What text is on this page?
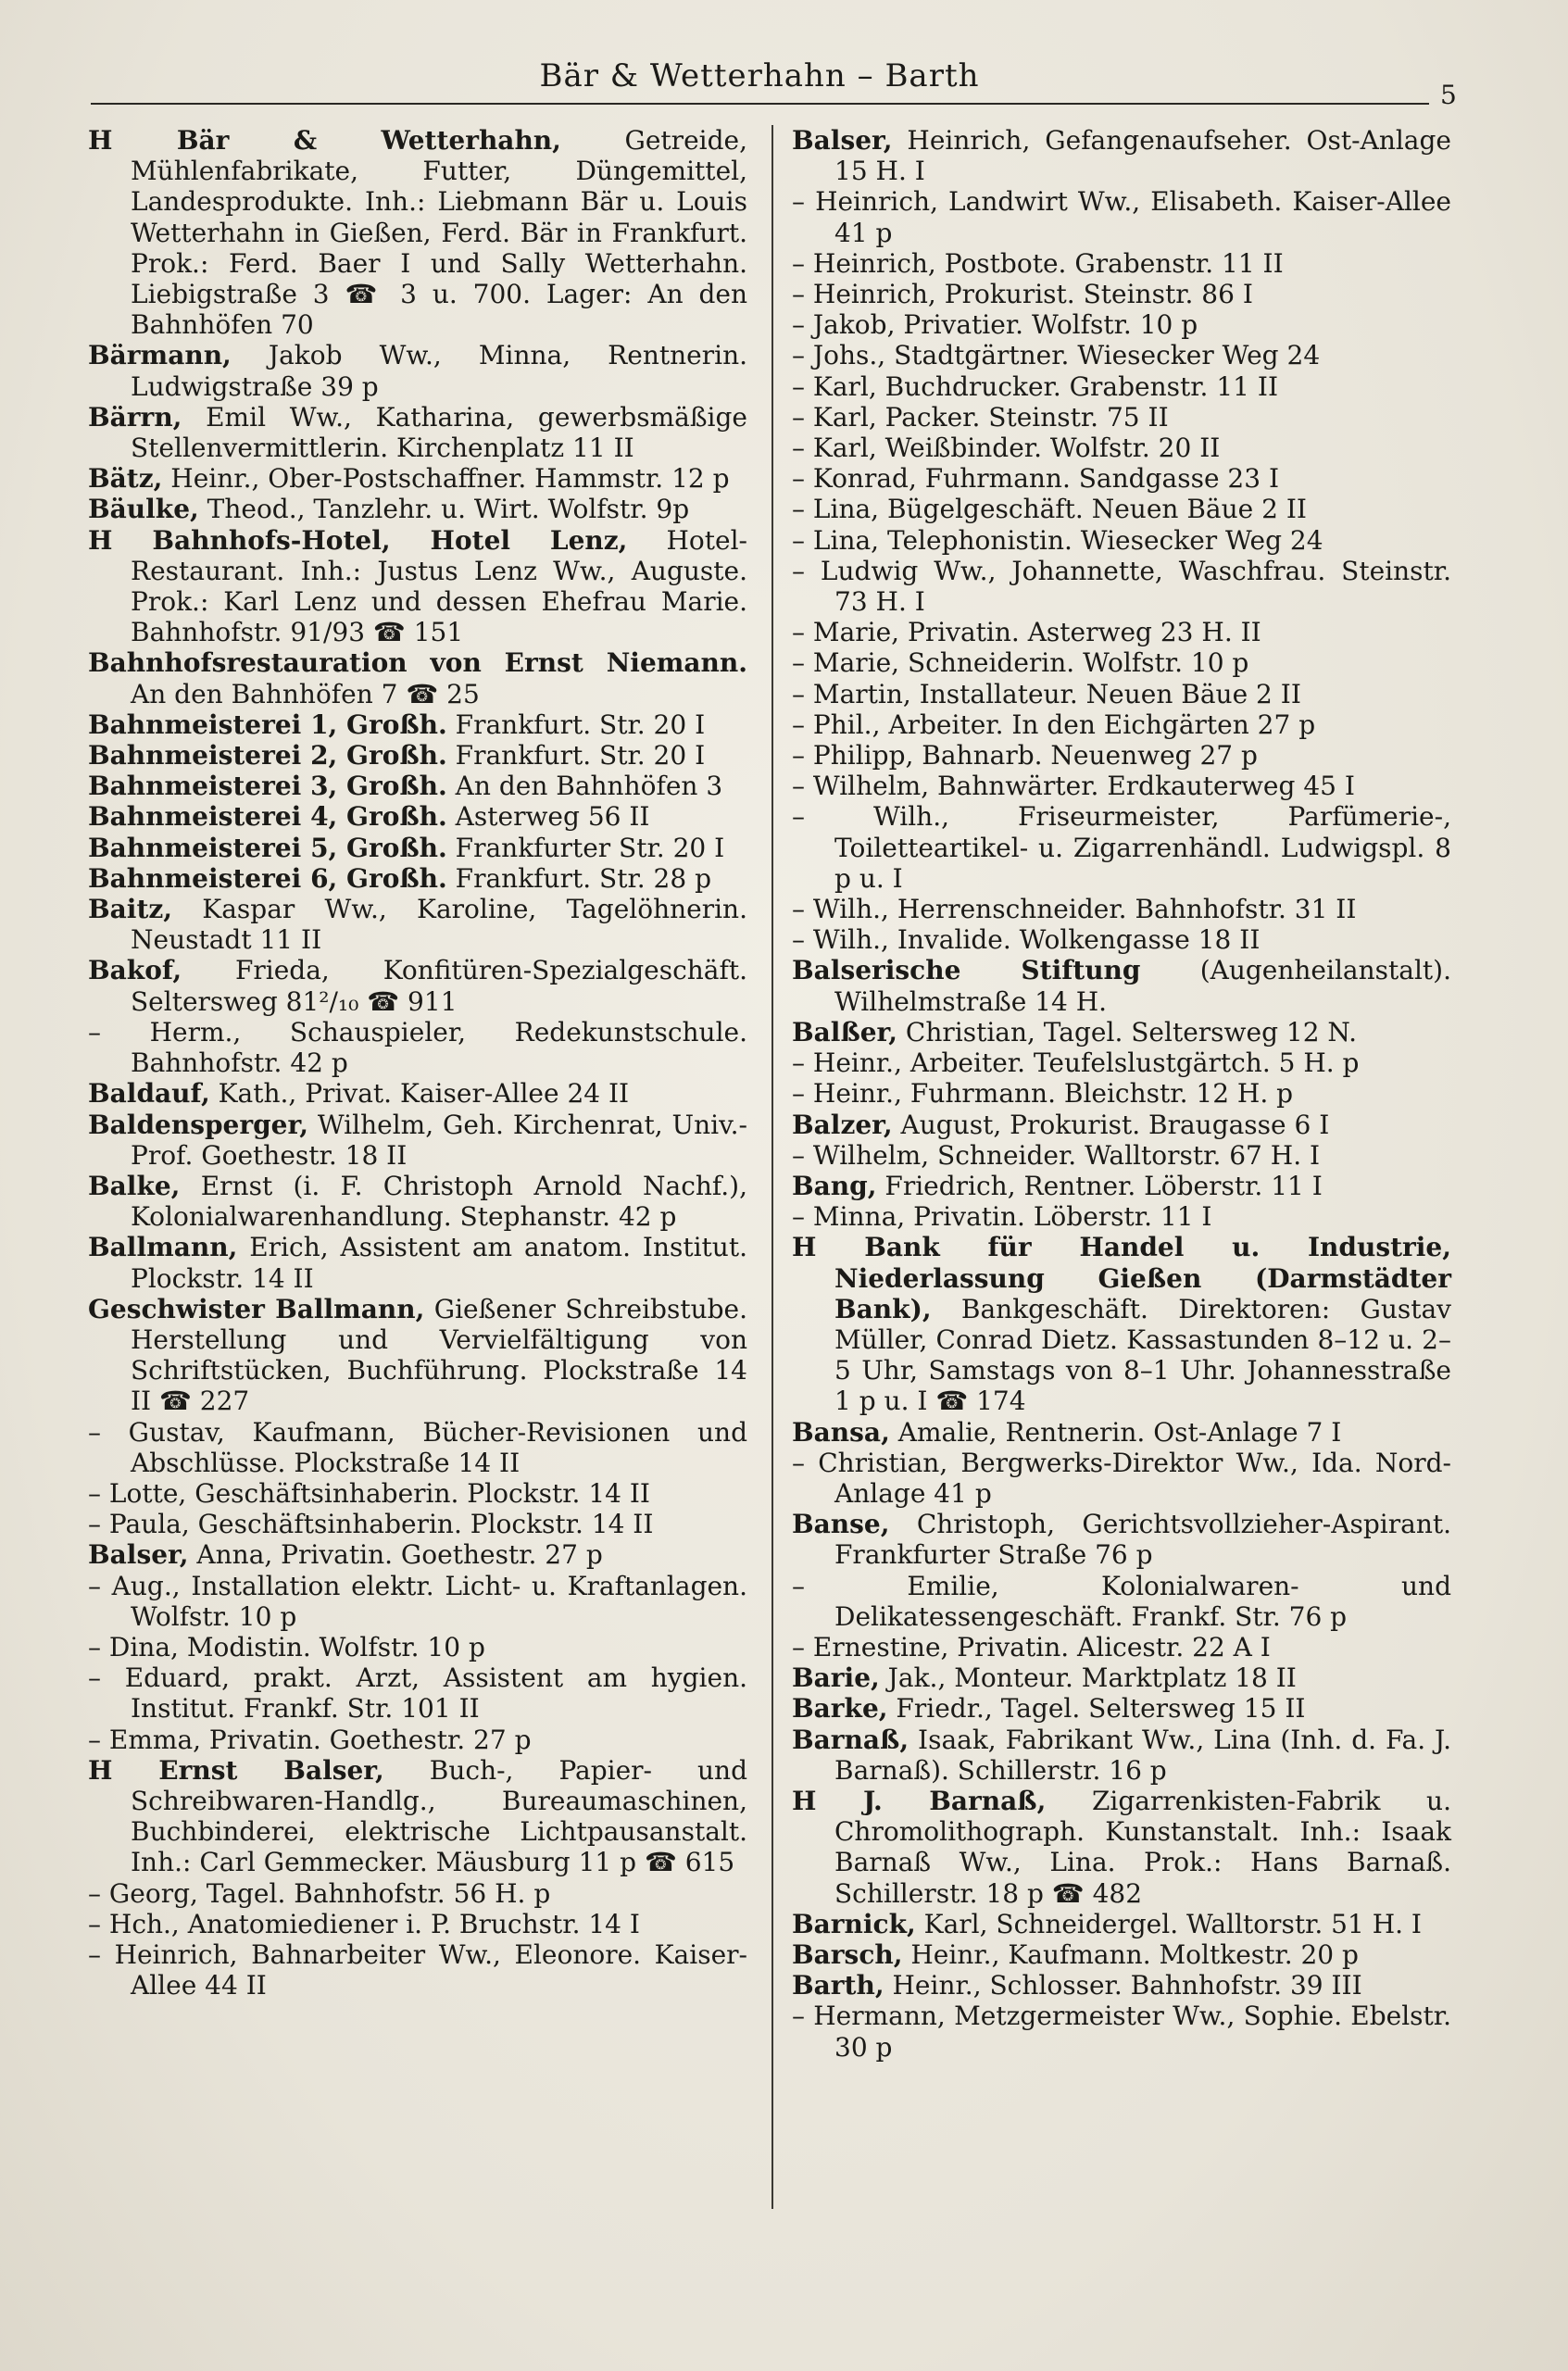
Bär & Wetterhahn – Barth
5

H Bär & Wetterhahn, Getreide, Mühlenfabrikate, Futter, Düngemittel, Landesprodukte. Inh.: Liebmann Bär u. Louis Wetterhahn in Gießen, Ferd. Bär in Frankfurt. Prok.: Ferd. Baer I und Sally Wetterhahn. Liebigstraße 3 ☎ 3 u. 700. Lager: An den Bahnhöfen 70

Bärmann, Jakob Ww., Minna, Rentnerin. Ludwigstraße 39 p

Bärrn, Emil Ww., Katharina, gewerbsmäßige Stellenvermittlerin. Kirchenplatz 11 II

Bätz, Heinr., Ober-Postschaffner. Hammstr. 12 p

Bäulke, Theod., Tanzlehr. u. Wirt. Wolfstr. 9p

H Bahnhofs-Hotel, Hotel Lenz, Hotel-Restaurant. Inh.: Justus Lenz Ww., Auguste. Prok.: Karl Lenz und dessen Ehefrau Marie. Bahnhofstr. 91/93 ☎ 151

Bahnhofsrestauration von Ernst Niemann. An den Bahnhöfen 7 ☎ 25

Bahnmeisterei 1, Großh. Frankfurt. Str. 20 I

Bahnmeisterei 2, Großh. Frankfurt. Str. 20 I

Bahnmeisterei 3, Großh. An den Bahnhöfen 3

Bahnmeisterei 4, Großh. Asterweg 56 II

Bahnmeisterei 5, Großh. Frankfurter Str. 20 I

Bahnmeisterei 6, Großh. Frankfurt. Str. 28 p

Baitz, Kaspar Ww., Karoline, Tagelöhnerin. Neustadt 11 II

Bakof, Frieda, Konfitüren-Spezialgeschäft. Seltersweg 81²/₁₀ ☎ 911

– Herm., Schauspieler, Redekunstschule. Bahnhofstr. 42 p

Baldauf, Kath., Privat. Kaiser-Allee 24 II

Baldensperger, Wilhelm, Geh. Kirchenrat, Univ.-Prof. Goethestr. 18 II

Balke, Ernst (i. F. Christoph Arnold Nachf.), Kolonialwarenhandlung. Stephanstr. 42 p

Ballmann, Erich, Assistent am anatom. Institut. Plockstr. 14 II

Geschwister Ballmann, Gießener Schreibstube. Herstellung und Vervielfältigung von Schriftstücken, Buchführung. Plockstraße 14 II ☎ 227

– Gustav, Kaufmann, Bücher-Revisionen und Abschlüsse. Plockstraße 14 II

– Lotte, Geschäftsinhaberin. Plockstr. 14 II

– Paula, Geschäftsinhaberin. Plockstr. 14 II

Balser, Anna, Privatin. Goethestr. 27 p

– Aug., Installation elektr. Licht- u. Kraftanlagen. Wolfstr. 10 p

– Dina, Modistin. Wolfstr. 10 p

– Eduard, prakt. Arzt, Assistent am hygien. Institut. Frankf. Str. 101 II

– Emma, Privatin. Goethestr. 27 p

H Ernst Balser, Buch-, Papier- und Schreibwaren-Handlg., Bureaumaschinen, Buchbinderei, elektrische Lichtpausanstalt. Inh.: Carl Gemmecker. Mäusburg 11 p ☎ 615

– Georg, Tagel. Bahnhofstr. 56 H. p

– Hch., Anatomiediener i. P. Bruchstr. 14 I

– Heinrich, Bahnarbeiter Ww., Eleonore. Kaiser-Allee 44 II

Balser, Heinrich, Gefangenaufseher. Ost-Anlage 15 H. I

– Heinrich, Landwirt Ww., Elisabeth. Kaiser-Allee 41 p

– Heinrich, Postbote. Grabenstr. 11 II

– Heinrich, Prokurist. Steinstr. 86 I

– Jakob, Privatier. Wolfstr. 10 p

– Johs., Stadtgärtner. Wiesecker Weg 24

– Karl, Buchdrucker. Grabenstr. 11 II

– Karl, Packer. Steinstr. 75 II

– Karl, Weißbinder. Wolfstr. 20 II

– Konrad, Fuhrmann. Sandgasse 23 I

– Lina, Bügelgeschäft. Neuen Bäue 2 II

– Lina, Telephonistin. Wiesecker Weg 24

– Ludwig Ww., Johannette, Waschfrau. Steinstr. 73 H. I

– Marie, Privatin. Asterweg 23 H. II

– Marie, Schneiderin. Wolfstr. 10 p

– Martin, Installateur. Neuen Bäue 2 II

– Phil., Arbeiter. In den Eichgärten 27 p

– Philipp, Bahnarb. Neuenweg 27 p

– Wilhelm, Bahnwärter. Erdkauterweg 45 I

– Wilh., Friseurmeister, Parfümerie-, Toiletteartikel- u. Zigarrenhändl. Ludwigspl. 8 p u. I

– Wilh., Herrenschneider. Bahnhofstr. 31 II

– Wilh., Invalide. Wolkengasse 18 II

Balserische Stiftung (Augenheilanstalt). Wilhelmstraße 14 H.

Balßer, Christian, Tagel. Seltersweg 12 N.

– Heinr., Arbeiter. Teufelslustgärtch. 5 H. p

– Heinr., Fuhrmann. Bleichstr. 12 H. p

Balzer, August, Prokurist. Braugasse 6 I

– Wilhelm, Schneider. Walltorstr. 67 H. I

Bang, Friedrich, Rentner. Löberstr. 11 I

– Minna, Privatin. Löberstr. 11 I

H Bank für Handel u. Industrie, Niederlassung Gießen (Darmstädter Bank), Bankgeschäft. Direktoren: Gustav Müller, Conrad Dietz. Kassastunden 8–12 u. 2–5 Uhr, Samstags von 8–1 Uhr. Johannesstraße 1 p u. I ☎ 174

Bansa, Amalie, Rentnerin. Ost-Anlage 7 I

– Christian, Bergwerks-Direktor Ww., Ida. Nord-Anlage 41 p

Banse, Christoph, Gerichtsvollzieher-Aspirant. Frankfurter Straße 76 p

– Emilie, Kolonialwaren- und Delikatessengeschäft. Frankf. Str. 76 p

– Ernestine, Privatin. Alicestr. 22 A I

Barie, Jak., Monteur. Marktplatz 18 II

Barke, Friedr., Tagel. Seltersweg 15 II

Barnaß, Isaak, Fabrikant Ww., Lina (Inh. d. Fa. J. Barnaß). Schillerstr. 16 p

H J. Barnaß, Zigarrenkisten-Fabrik u. Chromolithograph. Kunstanstalt. Inh.: Isaak Barnaß Ww., Lina. Prok.: Hans Barnaß. Schillerstr. 18 p ☎ 482

Barnick, Karl, Schneidergel. Walltorstr. 51 H. I

Barsch, Heinr., Kaufmann. Moltkestr. 20 p

Barth, Heinr., Schlosser. Bahnhofstr. 39 III

– Hermann, Metzgermeister Ww., Sophie. Ebelstr. 30 p
